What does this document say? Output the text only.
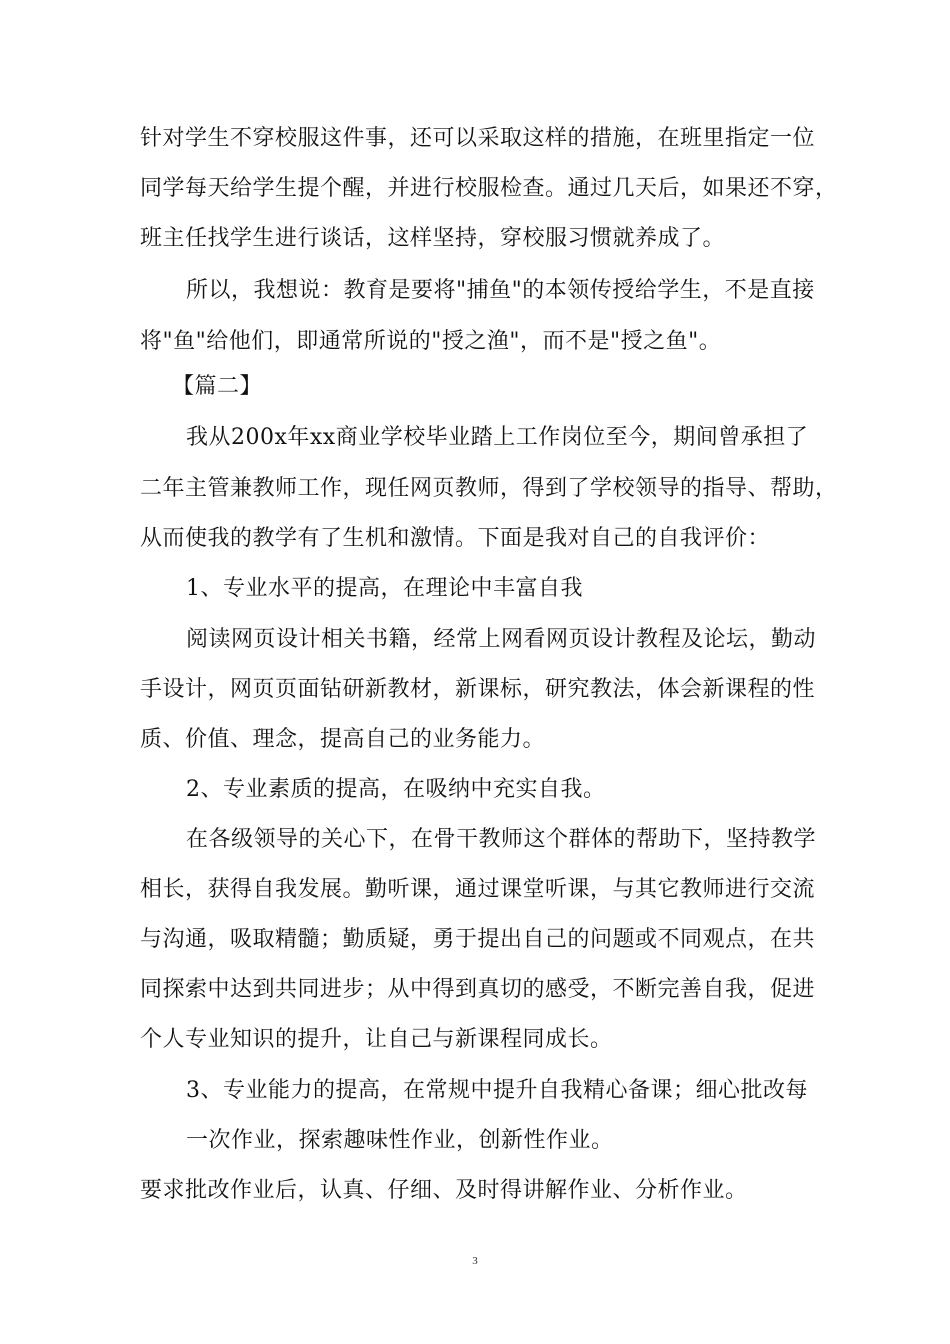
针对学生不穿校服这件事，还可以采取这样的措施，在班里指定一位
同学每天给学生提个醒，并进行校服检查。通过几天后，如果还不穿，
班主任找学生进行谈话，这样坚持，穿校服习惯就养成了。
所以，我想说：教育是要将"捕鱼"的本领传授给学生，不是直接
将"鱼"给他们，即通常所说的"授之渔"，而不是"授之鱼"。
【篇二】
我从200x年xx商业学校毕业踏上工作岗位至今，期间曾承担了
二年主管兼教师工作，现任网页教师，得到了学校领导的指导、帮助，
从而使我的教学有了生机和激情。下面是我对自己的自我评价：
1、专业水平的提高，在理论中丰富自我
阅读网页设计相关书籍，经常上网看网页设计教程及论坛，勤动
手设计，网页页面钻研新教材，新课标，研究教法，体会新课程的性
质、价值、理念，提高自己的业务能力。
2、专业素质的提高，在吸纳中充实自我。
在各级领导的关心下，在骨干教师这个群体的帮助下，坚持教学
相长，获得自我发展。勤听课，通过课堂听课，与其它教师进行交流
与沟通，吸取精髓；勤质疑，勇于提出自己的问题或不同观点，在共
同探索中达到共同进步；从中得到真切的感受，不断完善自我，促进
个人专业知识的提升，让自己与新课程同成长。
3、专业能力的提高，在常规中提升自我精心备课；细心批改每
一次作业，探索趣味性作业，创新性作业。
要求批改作业后，认真、仔细、及时得讲解作业、分析作业。
3
